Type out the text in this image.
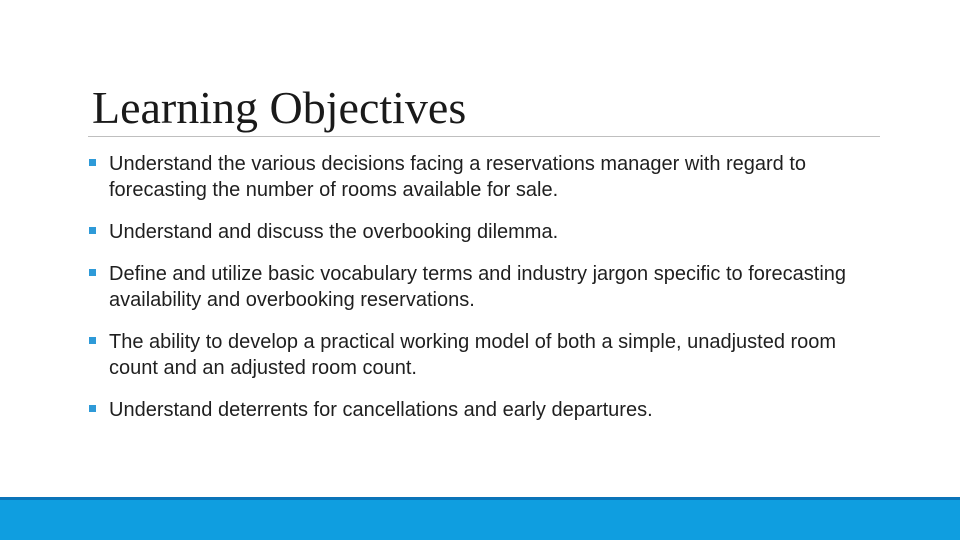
Learning Objectives
Understand the various decisions facing a reservations manager with regard to forecasting the number of rooms available for sale.
Understand and discuss the overbooking dilemma.
Define and utilize basic vocabulary terms and industry jargon specific to forecasting availability and overbooking reservations.
The ability to develop a practical working model of both a simple, unadjusted room count and an adjusted room count.
Understand deterrents for cancellations and early departures.
